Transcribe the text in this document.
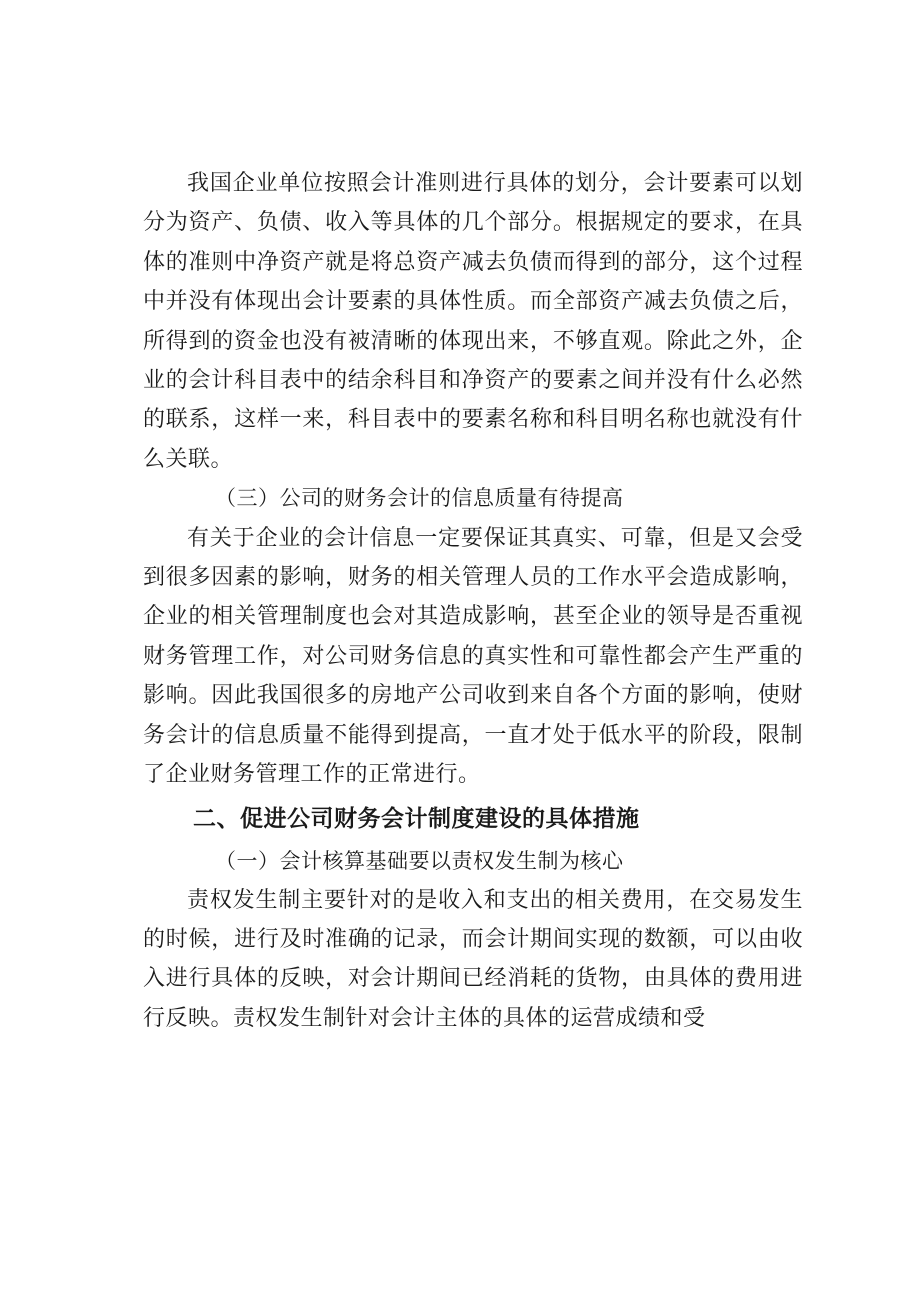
我国企业单位按照会计准则进行具体的划分，会计要素可以划分为资产、负债、收入等具体的几个部分。根据规定的要求，在具体的准则中净资产就是将总资产减去负债而得到的部分，这个过程中并没有体现出会计要素的具体性质。而全部资产减去负债之后，所得到的资金也没有被清晰的体现出来，不够直观。除此之外，企业的会计科目表中的结余科目和净资产的要素之间并没有什么必然的联系，这样一来，科目表中的要素名称和科目明名称也就没有什么关联。

（三）公司的财务会计的信息质量有待提高

有关于企业的会计信息一定要保证其真实、可靠，但是又会受到很多因素的影响，财务的相关管理人员的工作水平会造成影响，企业的相关管理制度也会对其造成影响，甚至企业的领导是否重视财务管理工作，对公司财务信息的真实性和可靠性都会产生严重的影响。因此我国很多的房地产公司收到来自各个方面的影响，使财务会计的信息质量不能得到提高，一直才处于低水平的阶段，限制了企业财务管理工作的正常进行。

二、促进公司财务会计制度建设的具体措施

（一）会计核算基础要以责权发生制为核心

责权发生制主要针对的是收入和支出的相关费用，在交易发生的时候，进行及时准确的记录，而会计期间实现的数额，可以由收入进行具体的反映，对会计期间已经消耗的货物，由具体的费用进行反映。责权发生制针对会计主体的具体的运营成绩和受
